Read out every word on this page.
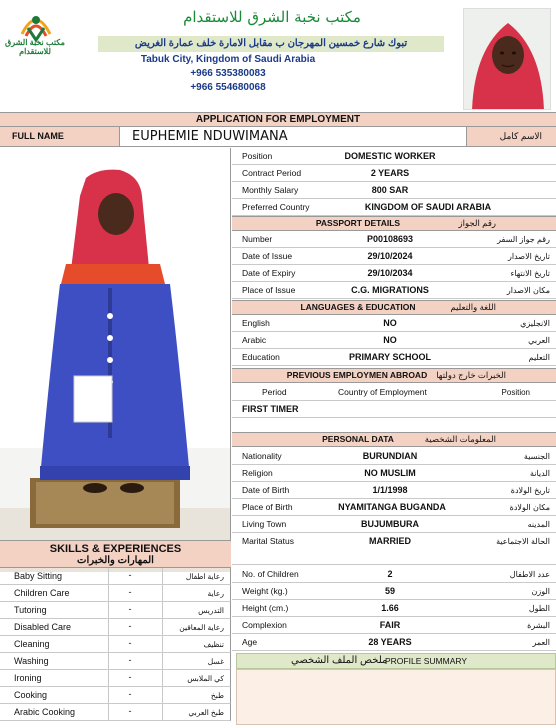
مكتب نخبة الشرق
للاستقدام
مكتب نخبة الشرق للاستقدام
تبوك شارع خمسين المهرجان ب مقابل الامارة خلف عمارة الغريض
Tabuk City, Kingdom of Saudi Arabia
+966 535380083
+966 554680068
APPLICATION FOR EMPLOYMENT
FULL NAME	EUPHEMIE NDUWIMANA	الاسم كامل
Position	DOMESTIC WORKER
Contract Period	2 YEARS
Monthly Salary	800 SAR
Preferred Country	KINGDOM OF SAUDI ARABIA
PASSPORT DETAILS	رقم الجواز
Number	P00108693	رقم جواز السفر
Date of Issue	29/10/2024	تاريخ الاصدار
Date of Expiry	29/10/2034	تاريخ الانتهاء
Place of Issue	C.G. MIGRATIONS	مكان الاصدار
LANGUAGES & EDUCATION	اللغة والتعليم
English	NO	الانجليزي
Arabic	NO	العربي
Education	PRIMARY SCHOOL	التعليم
PREVIOUS EMPLOYMEN ABROAD	الخبرات خارج دولتها
Period	Country of Employment	Position
FIRST TIMER
PERSONAL DATA	المعلومات الشخصية
Nationality	BURUNDIAN	الجنسية
Religion	NO MUSLIM	الديانة
Date of Birth	1/1/1998	تاريخ الولادة
Place of Birth	NYAMITANGA BUGANDA	مكان الولادة
Living Town	BUJUMBURA	المدينه
Marital Status	MARRIED	الحالة الاجتماعية
No. of Children	2	عدد الاطفال
Weight (kg.)	59	الوزن
Height (cm.)	1.66	الطول
Complexion	FAIR	البشرة
Age	28 YEARS	العمر
SKILLS & EXPERIENCES
المهارات والخبرات
Baby Sitting	-	رعاية اطفال
Children Care	-	رعاية
Tutoring	-	التدريس
Disabled Care	-	رعاية المعاقين
Cleaning	-	تنظيف
Washing	-	غسل
Ironing	-	كي الملابس
Cooking	-	طبخ
Arabic Cooking	-	طبخ العربي
ملخص الملف الشخصي
PROFILE SUMMARY
